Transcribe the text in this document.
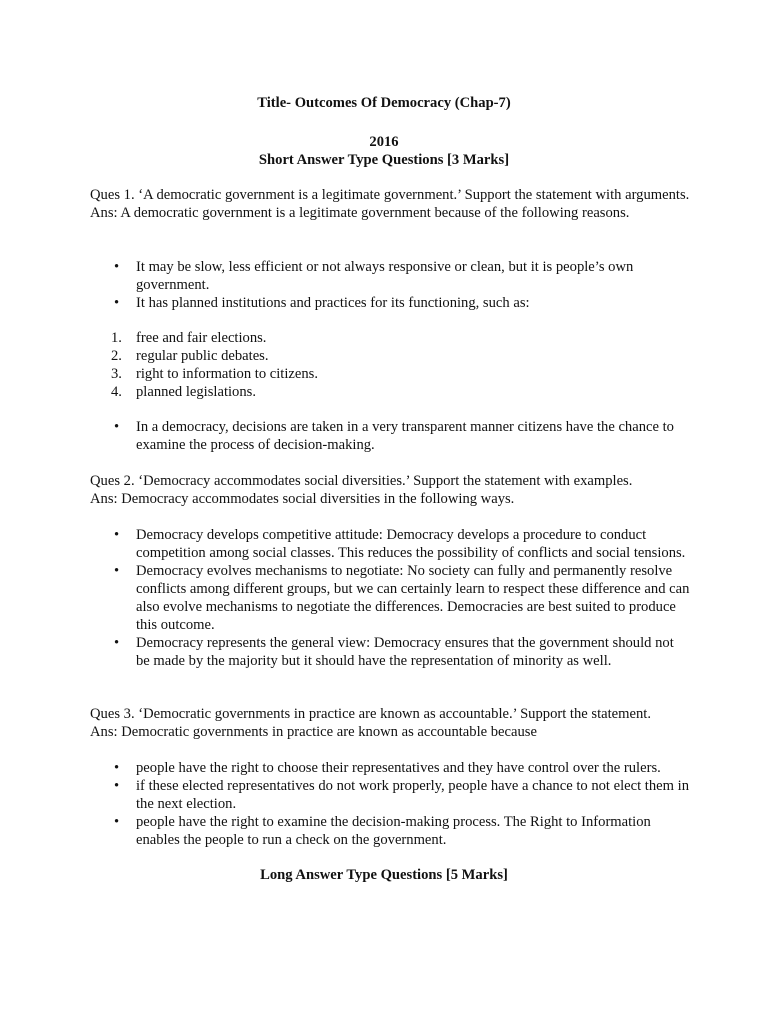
Title- Outcomes Of Democracy (Chap-7)
2016
Short Answer Type Questions [3 Marks]

Ques 1. ‘A democratic government is a legitimate government.’ Support the statement with arguments.

Ans: A democratic government is a legitimate government because of the following reasons.

• It may be slow, less efficient or not always responsive or clean, but it is people’s own government.
• It has planned institutions and practices for its functioning, such as:
1. free and fair elections.
2. regular public debates.
3. right to information to citizens.
4. planned legislations.
• In a democracy, decisions are taken in a very transparent manner citizens have the chance to examine the process of decision-making.

Ques 2. ‘Democracy accommodates social diversities.’ Support the statement with examples.

Ans: Democracy accommodates social diversities in the following ways.

• Democracy develops competitive attitude: Democracy develops a procedure to conduct competition among social classes. This reduces the possibility of conflicts and social tensions.
• Democracy evolves mechanisms to negotiate: No society can fully and permanently resolve conflicts among different groups, but we can certainly learn to respect these difference and can also evolve mechanisms to negotiate the differences. Democracies are best suited to produce this outcome.
• Democracy represents the general view: Democracy ensures that the government should not be made by the majority but it should have the representation of minority as well.

Ques 3. ‘Democratic governments in practice are known as accountable.’ Support the statement.

Ans: Democratic governments in practice are known as accountable because

• people have the right to choose their representatives and they have control over the rulers.
• if these elected representatives do not work properly, people have a chance to not elect them in the next election.
• people have the right to examine the decision-making process. The Right to Information enables the people to run a check on the government.
Long Answer Type Questions [5 Marks]
